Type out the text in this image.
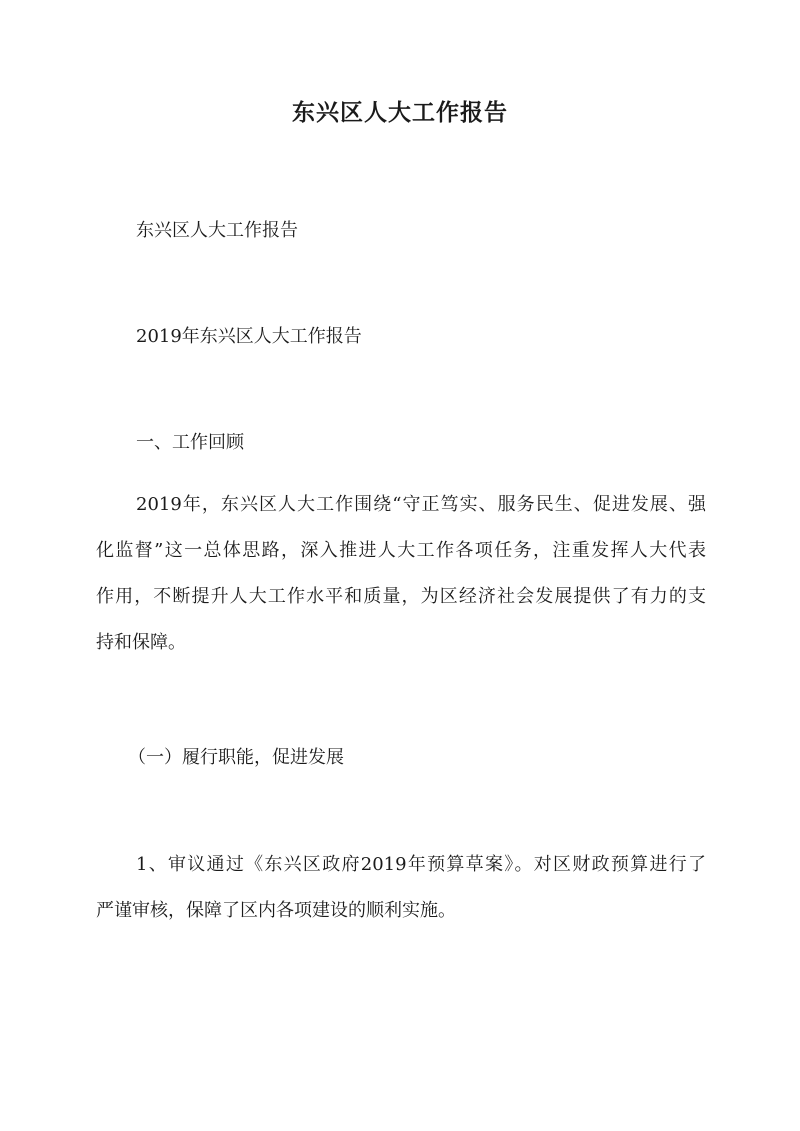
东兴区人大工作报告
东兴区人大工作报告
2019年东兴区人大工作报告
一、工作回顾
2019年，东兴区人大工作围绕“守正笃实、服务民生、促进发展、强
化监督”这一总体思路，深入推进人大工作各项任务，注重发挥人大代表
作用，不断提升人大工作水平和质量，为区经济社会发展提供了有力的支
持和保障。
（一）履行职能，促进发展
1、审议通过《东兴区政府2019年预算草案》。对区财政预算进行了
严谨审核，保障了区内各项建设的顺利实施。
